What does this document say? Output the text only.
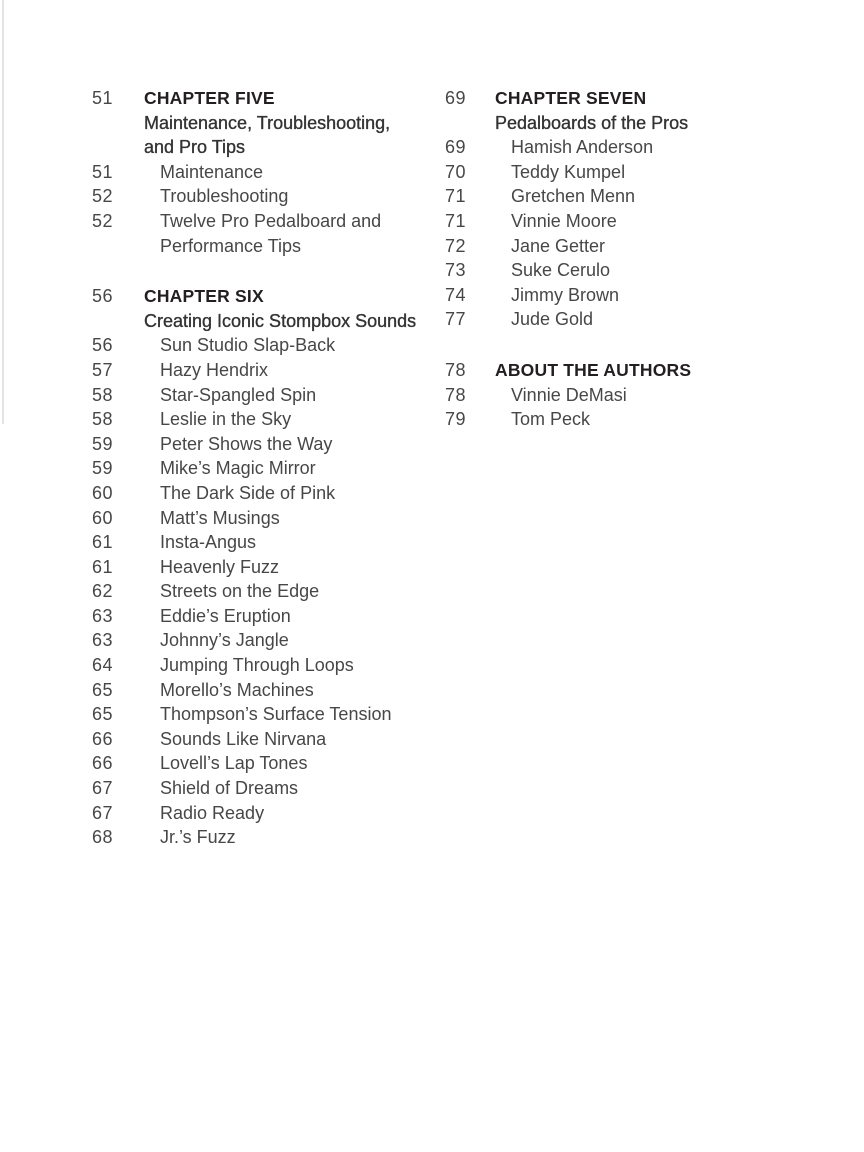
51	CHAPTER FIVE
Maintenance, Troubleshooting,
and Pro Tips
51	Maintenance
52	Troubleshooting
52	Twelve Pro Pedalboard and
Performance Tips
56	CHAPTER SIX
Creating Iconic Stompbox Sounds
56	Sun Studio Slap-Back
57	Hazy Hendrix
58	Star-Spangled Spin
58	Leslie in the Sky
59	Peter Shows the Way
59	Mike’s Magic Mirror
60	The Dark Side of Pink
60	Matt’s Musings
61	Insta-Angus
61	Heavenly Fuzz
62	Streets on the Edge
63	Eddie’s Eruption
63	Johnny’s Jangle
64	Jumping Through Loops
65	Morello’s Machines
65	Thompson’s Surface Tension
66	Sounds Like Nirvana
66	Lovell’s Lap Tones
67	Shield of Dreams
67	Radio Ready
68	Jr.’s Fuzz
69	CHAPTER SEVEN
Pedalboards of the Pros
69	Hamish Anderson
70	Teddy Kumpel
71	Gretchen Menn
71	Vinnie Moore
72	Jane Getter
73	Suke Cerulo
74	Jimmy Brown
77	Jude Gold
78	ABOUT THE AUTHORS
78	Vinnie DeMasi
79	Tom Peck
